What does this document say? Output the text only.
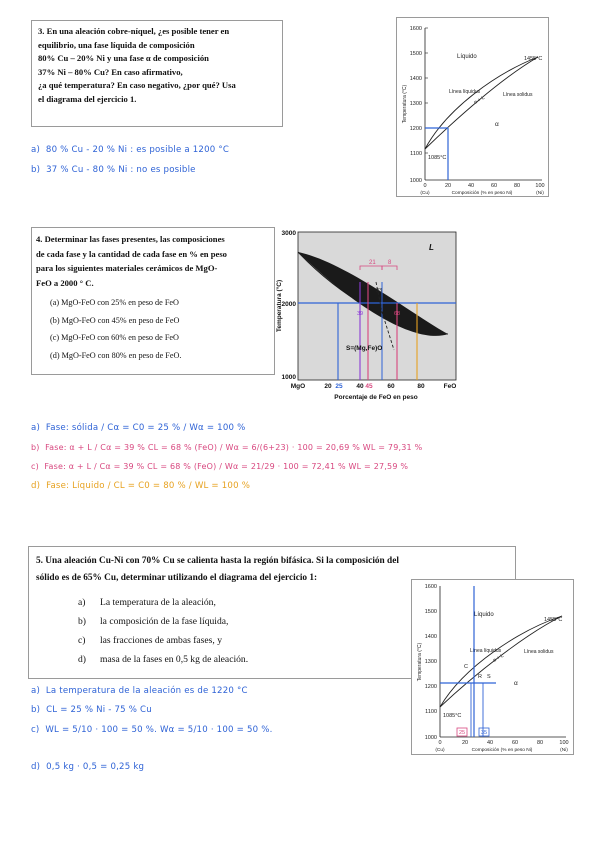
3. En una aleación cobre-níquel, ¿es posible tener en
equilibrio, una fase líquida de composición
80% Cu – 20% Ni y una fase α de composición
37% Ni – 80% Cu? En caso afirmativo,
¿a qué temperatura? En caso negativo, ¿por qué? Usa
el diagrama del ejercicio 1.
a) 80 % Cu - 20 % Ni : es posible a 1200 °C
b) 37 % Cu - 80 % Ni : no es posible
1600
1500
1400
1300
1200
1100
1000
0	20	40	60	80	100
(Cu)	(Ni)
Composición (% en peso Ni)
Temperatura (°C)
Líquido	1455°C
Línea líquidus	Línea solidus
α + L
α
1085°C
4. Determinar las fases presentes, las composiciones
de cada fase y la cantidad de cada fase en % en peso
para los siguientes materiales cerámicos de MgO-
FeO a 2000 ° C.
(a) MgO-FeO con 25% en peso de FeO
(b) MgO-FeO con 45% en peso de FeO
(c) MgO-FeO con 60% en peso de FeO
(d) MgO-FeO con 80% en peso de FeO.
21 8
6
23
39	68
L
S=(Mg,Fe)O
3000
2000
1000
Temperatura (°C)
MgO	20 25 40 45 60	80	FeO
Porcentaje de FeO en peso
a) Fase: sólida / Cα = C0 = 25 % / Wα = 100 %
b) Fase: α + L / Cα = 39 % CL = 68 % (FeO) / Wα = 6/(6+23) · 100 = 20,69 % WL = 79,31 %
c) Fase: α + L / Cα = 39 % CL = 68 % (FeO) / Wα = 21/29 · 100 = 72,41 % WL = 27,59 %
d) Fase: Líquido / CL = C0 = 80 % / WL = 100 %
5. Una aleación Cu-Ni con 70% Cu se calienta hasta la región bifásica. Si la composición del
sólido es de 65% Cu, determinar utilizando el diagrama del ejercicio 1:
a) La temperatura de la aleación,
b) la composición de la fase líquida,
c) las fracciones de ambas fases, y
d) masa de la fases en 0,5 kg de aleación.
1600
1500
1400
1300
1200
1100
1000
0	20	40	60	80	100
(Cu)	(Ni)
Composición (% en peso Ni)
Temperatura (°C)
Líquido
1455°C
Línea líquidus	Línea solidus
α + L
α
1085°C
C
R S
25	35
a) La temperatura de la aleación es de 1220 °C
b) CL = 25 % Ni - 75 % Cu
c) WL = 5/10 · 100 = 50 %. Wα = 5/10 · 100 = 50 %.
d) 0,5 kg · 0,5 = 0,25 kg
